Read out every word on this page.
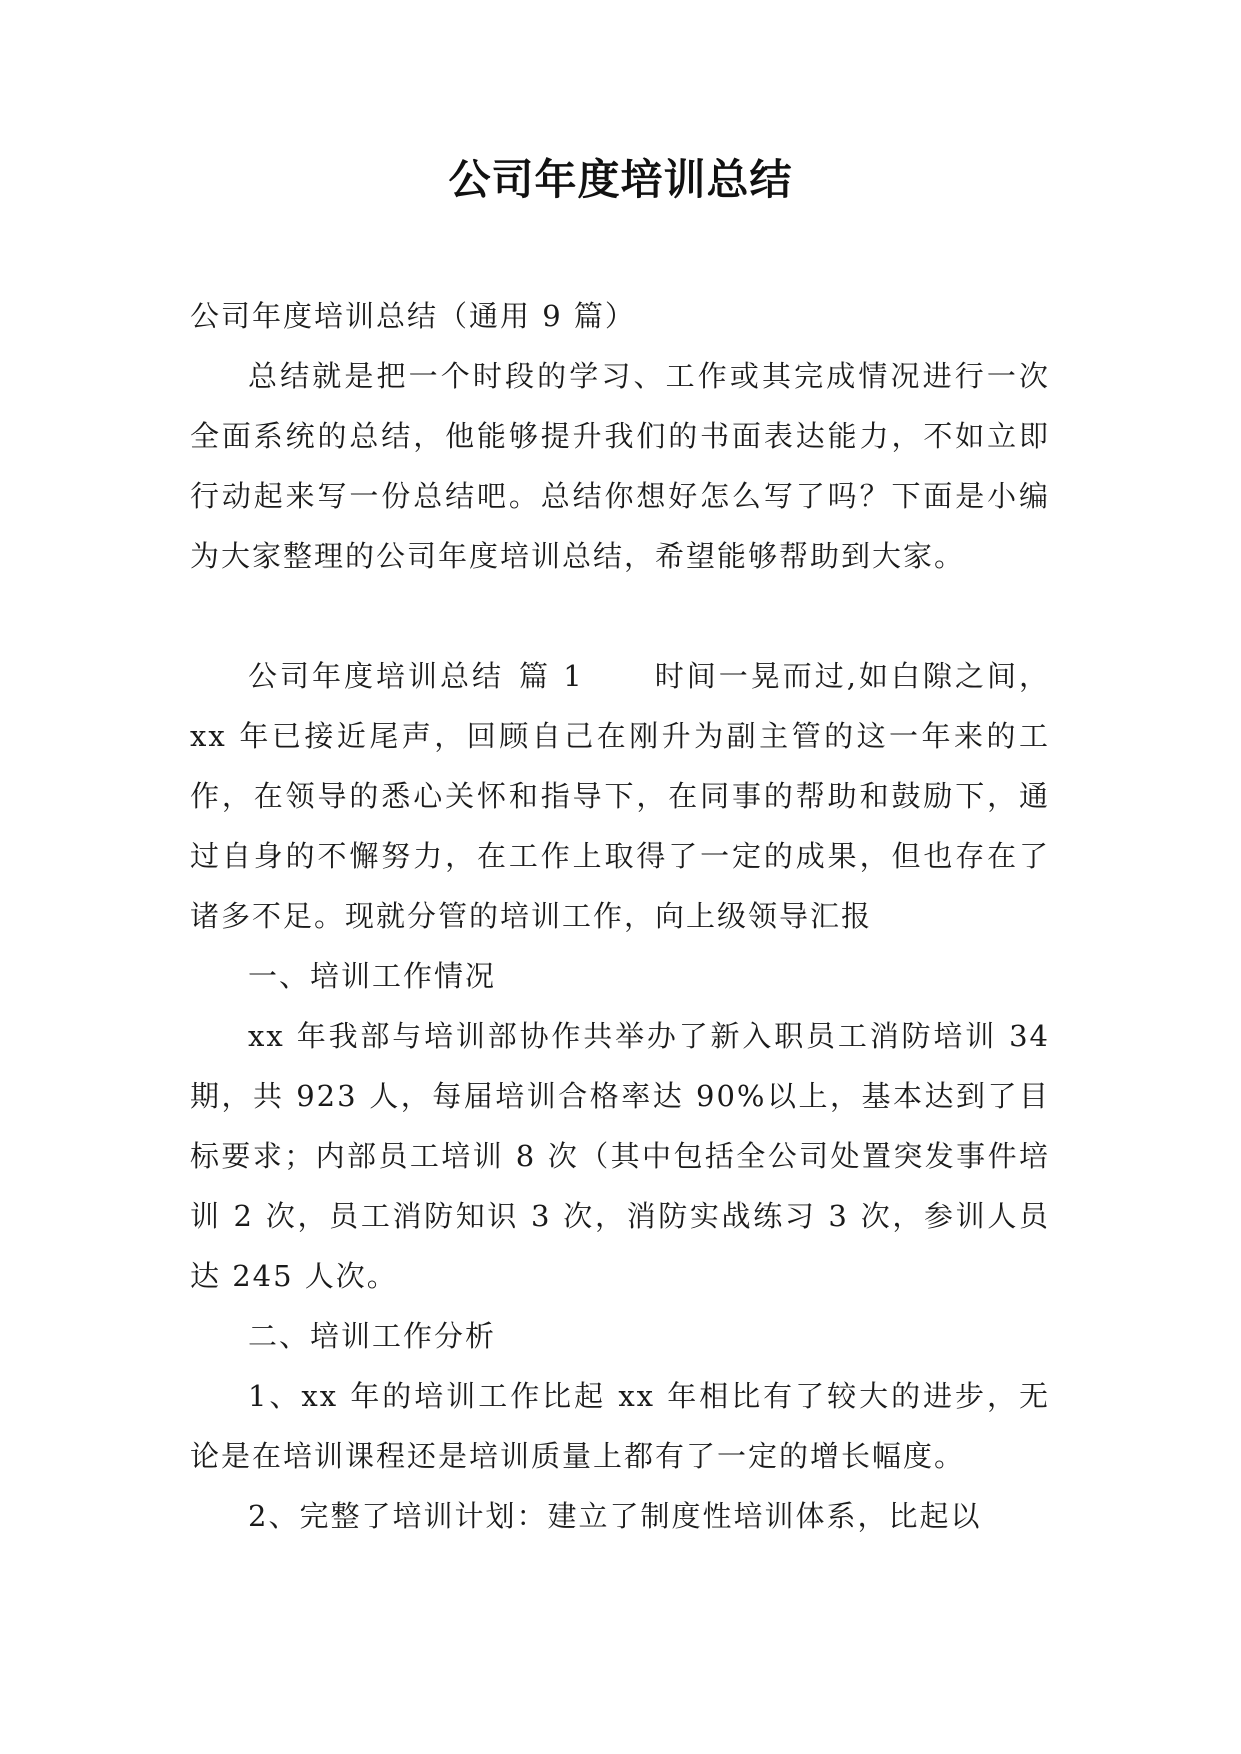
公司年度培训总结

公司年度培训总结（通用 9 篇）

总结就是把一个时段的学习、工作或其完成情况进行一次全面系统的总结，他能够提升我们的书面表达能力，不如立即行动起来写一份总结吧。总结你想好怎么写了吗？下面是小编为大家整理的公司年度培训总结，希望能够帮助到大家。

公司年度培训总结 篇 1 时间一晃而过,如白隙之间，xx 年已接近尾声，回顾自己在刚升为副主管的这一年来的工作，在领导的悉心关怀和指导下，在同事的帮助和鼓励下，通过自身的不懈努力，在工作上取得了一定的成果，但也存在了诸多不足。现就分管的培训工作，向上级领导汇报

一、培训工作情况

xx 年我部与培训部协作共举办了新入职员工消防培训 34 期，共 923 人，每届培训合格率达 90%以上，基本达到了目标要求；内部员工培训 8 次（其中包括全公司处置突发事件培训 2 次，员工消防知识 3 次，消防实战练习 3 次，参训人员达 245 人次。

二、培训工作分析

1、xx 年的培训工作比起 xx 年相比有了较大的进步，无论是在培训课程还是培训质量上都有了一定的增长幅度。

2、完整了培训计划：建立了制度性培训体系，比起以
